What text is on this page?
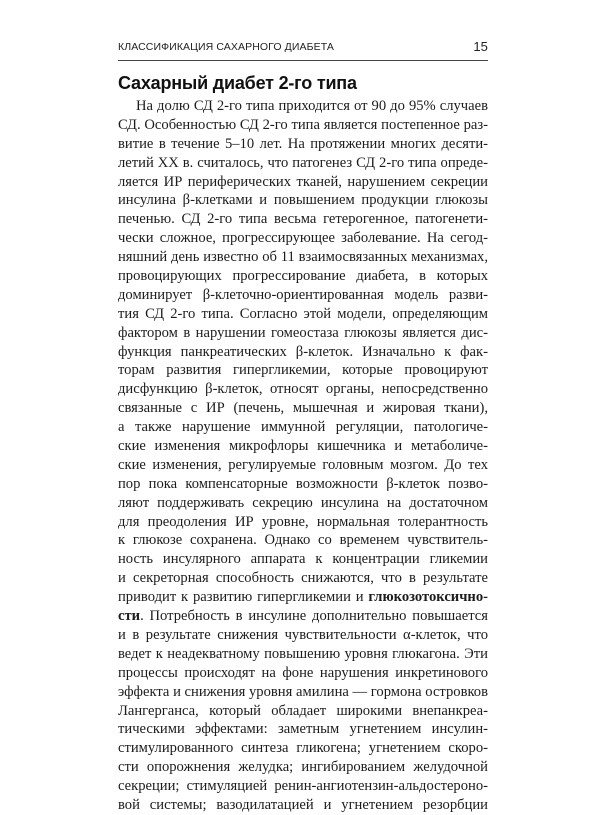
КЛАССИФИКАЦИЯ САХАРНОГО ДИАБЕТА	15
Сахарный диабет 2-го типа
На долю СД 2-го типа приходится от 90 до 95% случаев
СД. Особенностью СД 2-го типа является постепенное раз-
витие в течение 5–10 лет. На протяжении многих десяти-
летий XX в. считалось, что патогенез СД 2-го типа опреде-
ляется ИР периферических тканей, нарушением секреции
инсулина β-клетками и повышением продукции глюкозы
печенью. СД 2-го типа весьма гетерогенное, патогенети-
чески сложное, прогрессирующее заболевание. На сегод-
няшний день известно об 11 взаимосвязанных механизмах,
провоцирующих прогрессирование диабета, в которых
доминирует β-клеточно-ориентированная модель разви-
тия СД 2-го типа. Согласно этой модели, определяющим
фактором в нарушении гомеостаза глюкозы является дис-
функция панкреатических β-клеток. Изначально к фак-
торам развития гипергликемии, которые провоцируют
дисфункцию β-клеток, относят органы, непосредственно
связанные с ИР (печень, мышечная и жировая ткани),
а также нарушение иммунной регуляции, патологиче-
ские изменения микрофлоры кишечника и метаболиче-
ские изменения, регулируемые головным мозгом. До тех
пор пока компенсаторные возможности β-клеток позво-
ляют поддерживать секрецию инсулина на достаточном
для преодоления ИР уровне, нормальная толерантность
к глюкозе сохранена. Однако со временем чувствитель-
ность инсулярного аппарата к концентрации гликемии
и секреторная способность снижаются, что в результате
приводит к развитию гипергликемии и глюкозотоксично-
сти. Потребность в инсулине дополнительно повышается
и в результате снижения чувствительности α-клеток, что
ведет к неадекватному повышению уровня глюкагона. Эти
процессы происходят на фоне нарушения инкретинового
эффекта и снижения уровня амилина — гормона островков
Лангерганса, который обладает широкими внепанкреа-
тическими эффектами: заметным угнетением инсулин-
стимулированного синтеза гликогена; угнетением скоро-
сти опорожнения желудка; ингибированием желудочной
секреции; стимуляцией ренин-ангиотензин-альдостероно-
вой системы; вазодилатацией и угнетением резорбции
